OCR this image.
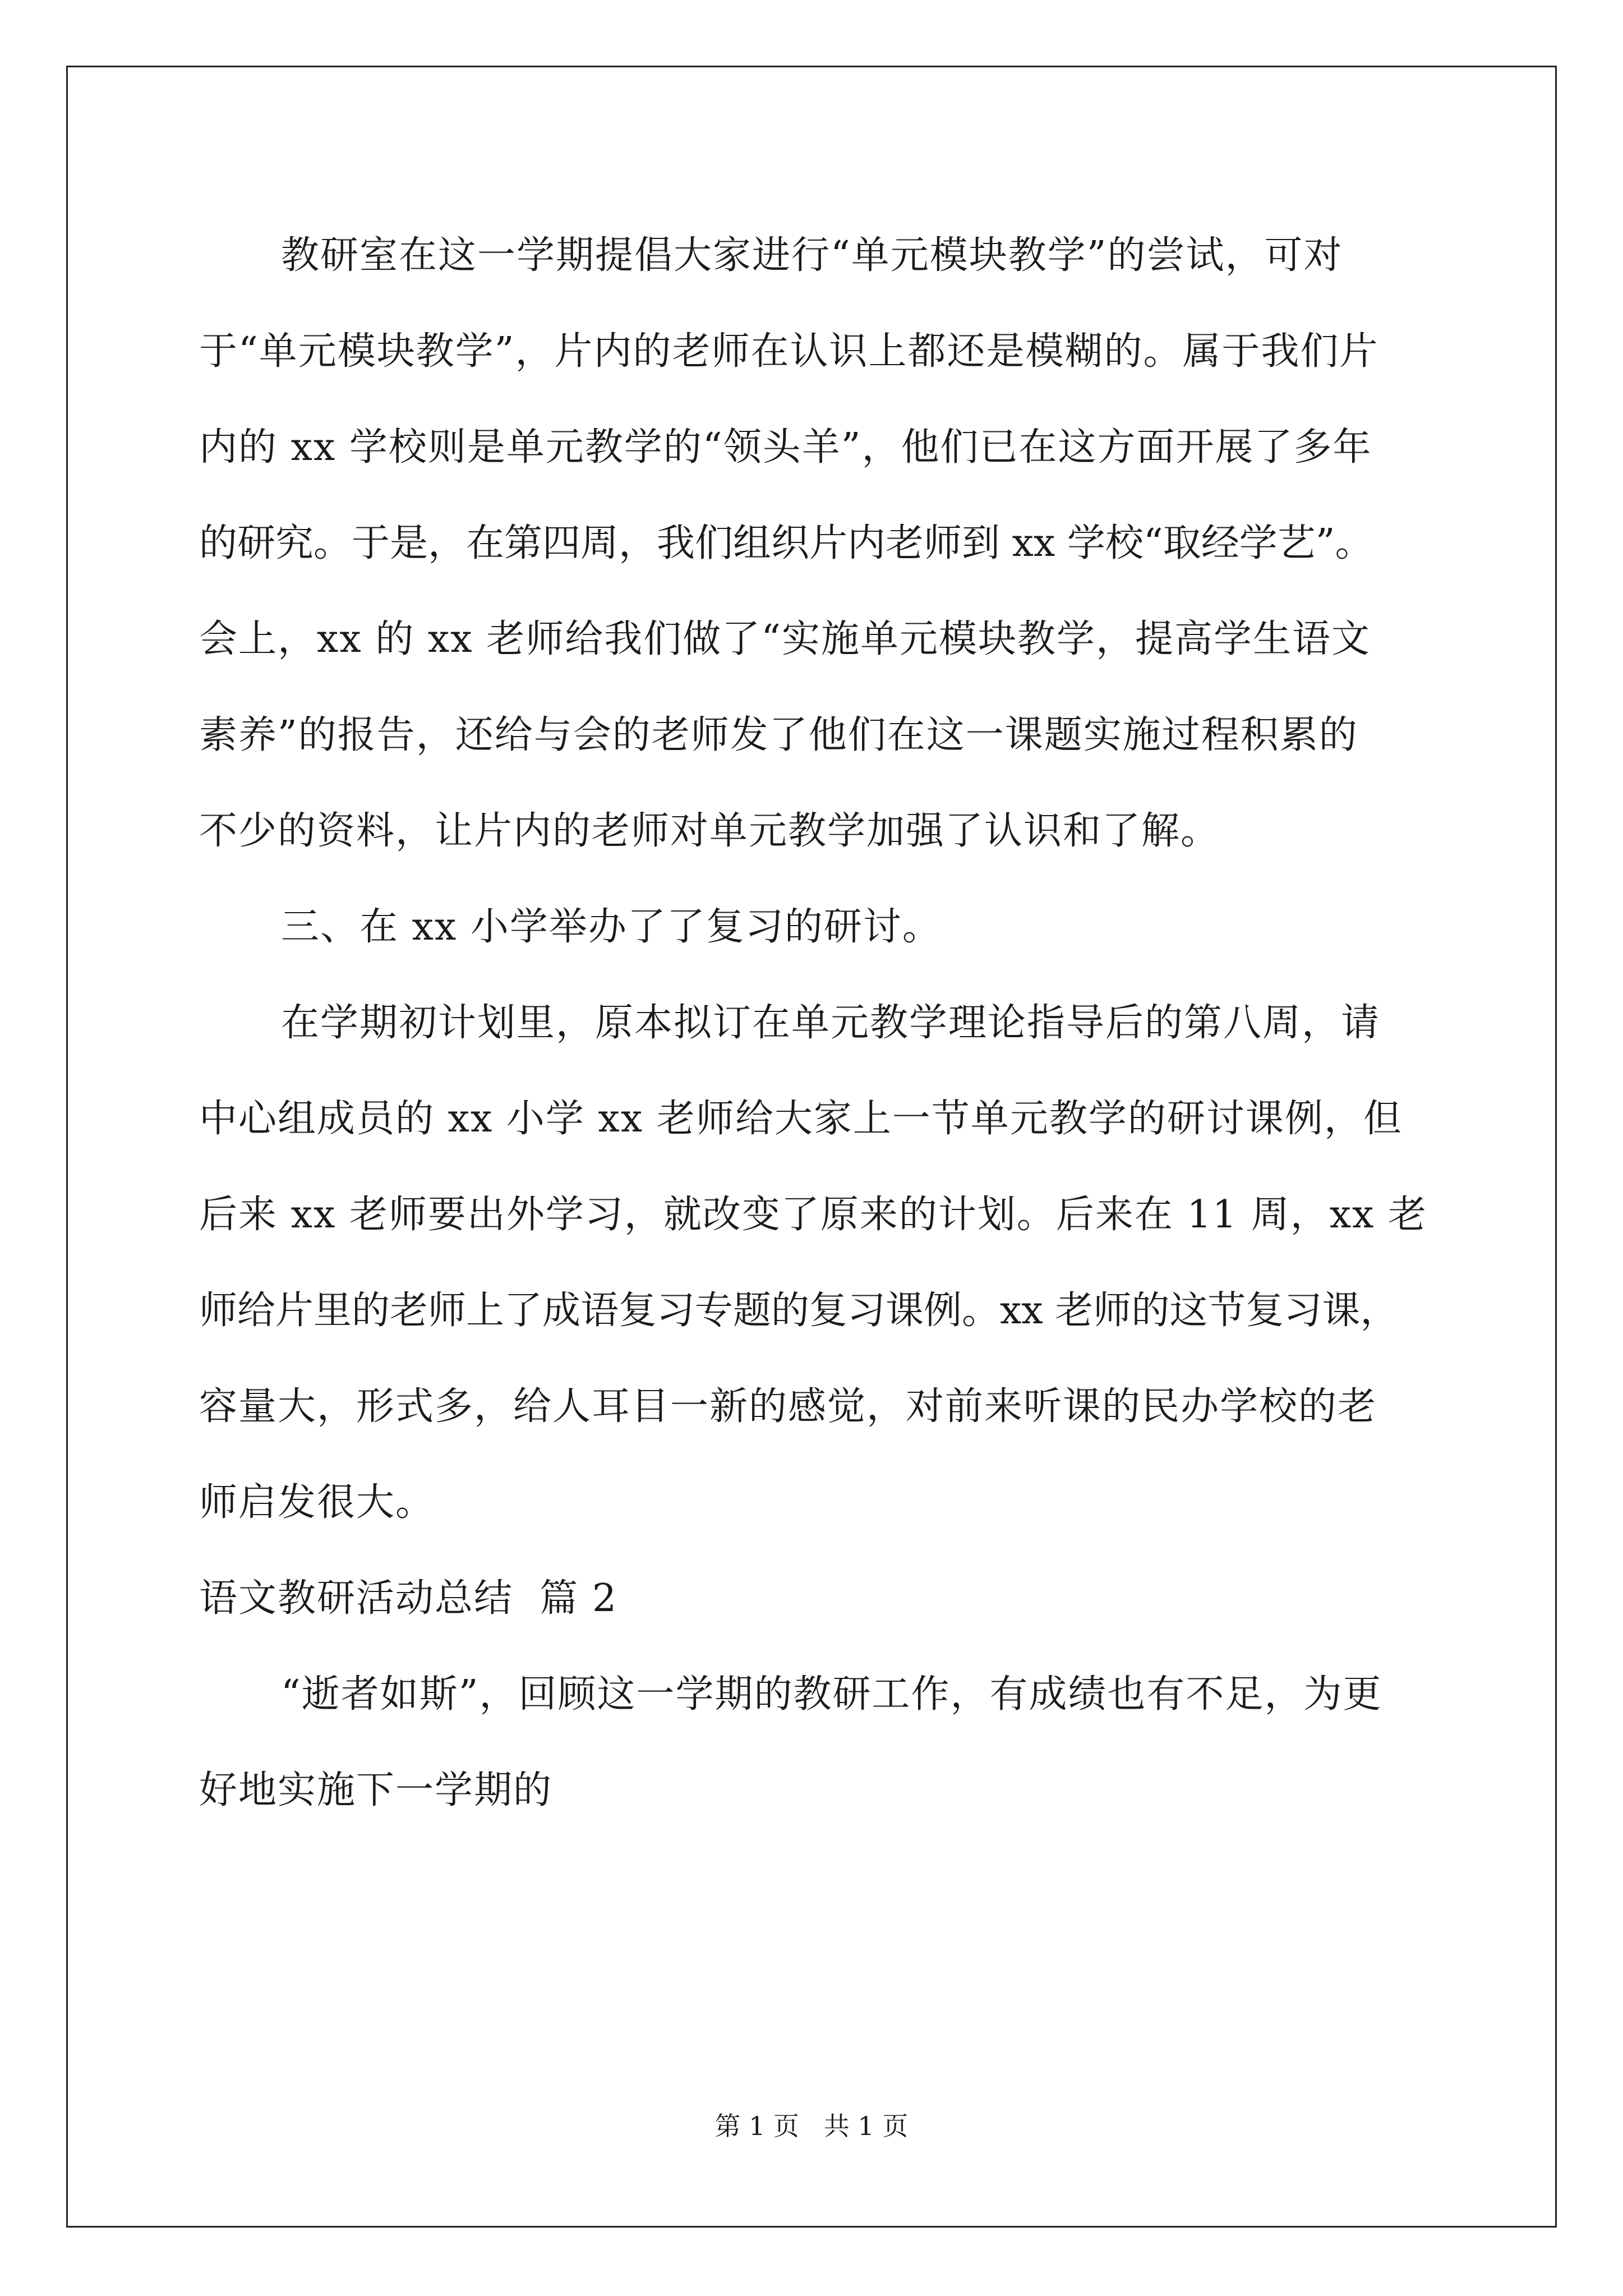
教研室在这一学期提倡大家进行“单元模块教学”的尝试，可对
于“单元模块教学”，片内的老师在认识上都还是模糊的。属于我们片
内的 xx 学校则是单元教学的“领头羊”，他们已在这方面开展了多年
的研究。于是，在第四周，我们组织片内老师到 xx 学校“取经学艺”。
会上，xx 的 xx 老师给我们做了“实施单元模块教学，提高学生语文
素养”的报告，还给与会的老师发了他们在这一课题实施过程积累的
不少的资料，让片内的老师对单元教学加强了认识和了解。
三、在 xx 小学举办了了复习的研讨。
在学期初计划里，原本拟订在单元教学理论指导后的第八周，请
中心组成员的 xx 小学 xx 老师给大家上一节单元教学的研讨课例，但
后来 xx 老师要出外学习，就改变了原来的计划。后来在 11 周，xx 老
师给片里的老师上了成语复习专题的复习课例。xx 老师的这节复习课，
容量大，形式多，给人耳目一新的感觉，对前来听课的民办学校的老
师启发很大。
语文教研活动总结  篇 2
“逝者如斯”，回顾这一学期的教研工作，有成绩也有不足，为更
好地实施下一学期的
第 1 页   共 1 页
